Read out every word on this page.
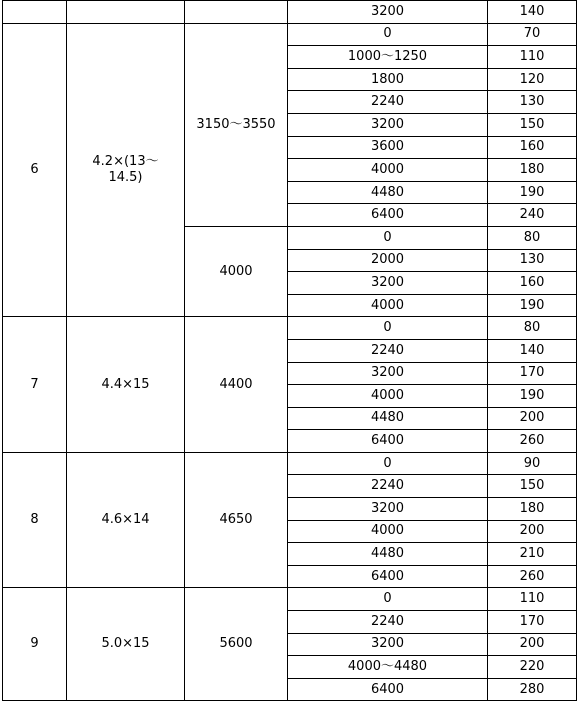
			3200	140
6	4.2×(13～14.5)	3150～3550	0	70
			1000～1250	110
			1800	120
			2240	130
			3200	150
			3600	160
			4000	180
			4480	190
			6400	240
		4000	0	80
			2000	130
			3200	160
			4000	190
7	4.4×15	4400	0	80
			2240	140
			3200	170
			4000	190
			4480	200
			6400	260
8	4.6×14	4650	0	90
			2240	150
			3200	180
			4000	200
			4480	210
			6400	260
9	5.0×15	5600	0	110
			2240	170
			3200	200
			4000～4480	220
			6400	280
